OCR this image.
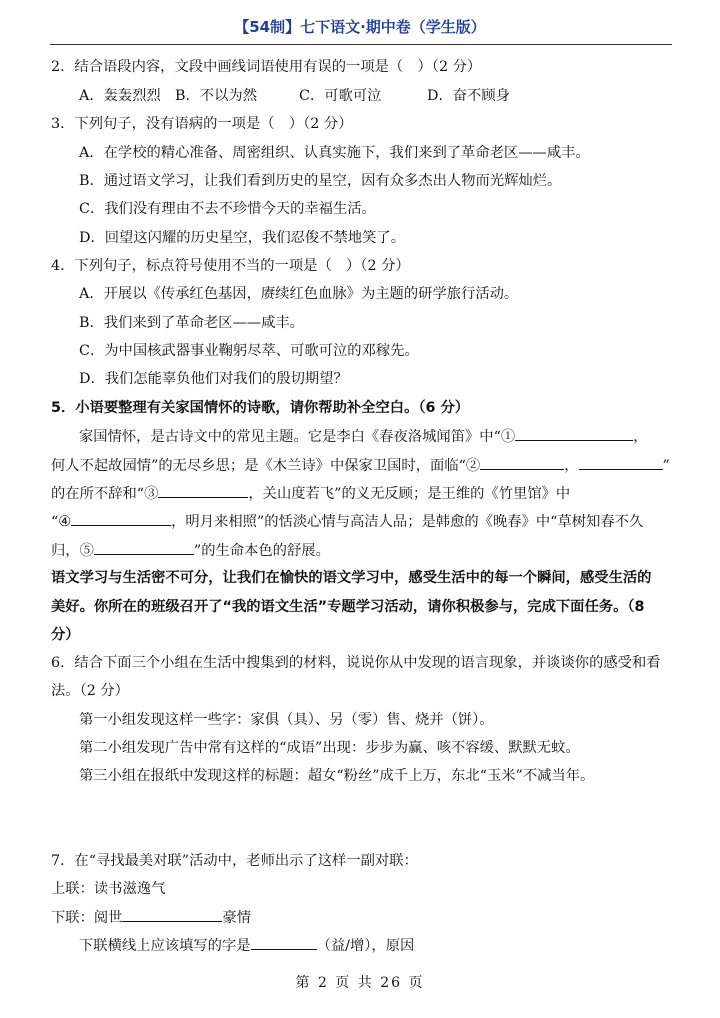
【54制】七下语文·期中卷（学生版）
2．结合语段内容，文段中画线词语使用有误的一项是（　）（2 分）
A．轰轰烈烈 B．不以为然	C．可歌可泣	D．奋不顾身
3．下列句子，没有语病的一项是（　）（2 分）
A．在学校的精心准备、周密组织、认真实施下，我们来到了革命老区——咸丰。
B．通过语文学习，让我们看到历史的星空，因有众多杰出人物而光辉灿烂。
C．我们没有理由不去不珍惜今天的幸福生活。
D．回望这闪耀的历史星空，我们忍俊不禁地笑了。
4．下列句子，标点符号使用不当的一项是（　）（2 分）
A．开展以《传承红色基因，赓续红色血脉》为主题的研学旅行活动。
B．我们来到了革命老区——咸丰。
C．为中国核武器事业鞠躬尽萃、可歌可泣的邓稼先。
D．我们怎能辜负他们对我们的殷切期望？
5．小语要整理有关家国情怀的诗歌，请你帮助补全空白。（6 分）
家国情怀，是古诗文中的常见主题。它是李白《春夜洛城闻笛》中“①	，
何人不起故园情”的无尽乡思；是《木兰诗》中保家卫国时，面临“②	，	”
的在所不辞和“③	，关山度若飞”的义无反顾；是王维的《竹里馆》中
“④	，明月来相照”的恬淡心情与高洁人品；是韩愈的《晚春》中“草树知春不久
归，⑤	”的生命本色的舒展。
语文学习与生活密不可分，让我们在愉快的语文学习中，感受生活中的每一个瞬间，感受生活的
美好。你所在的班级召开了“我的语文生活”专题学习活动，请你积极参与，完成下面任务。（8
分）
6．结合下面三个小组在生活中搜集到的材料，说说你从中发现的语言现象，并谈谈你的感受和看
法。（2 分）
第一小组发现这样一些字：家俱（具）、另（零）售、烧并（饼）。
第二小组发现广告中常有这样的“成语”出现：步步为赢、咳不容缓、默默无蚊。
第三小组在报纸中发现这样的标题：超女“粉丝”成千上万，东北“玉米”不减当年。
7．在“寻找最美对联”活动中，老师出示了这样一副对联：
上联：读书滋逸气
下联：阅世	豪情
下联横线上应该填写的字是	（益/增），原因
第 2 页 共 26 页
